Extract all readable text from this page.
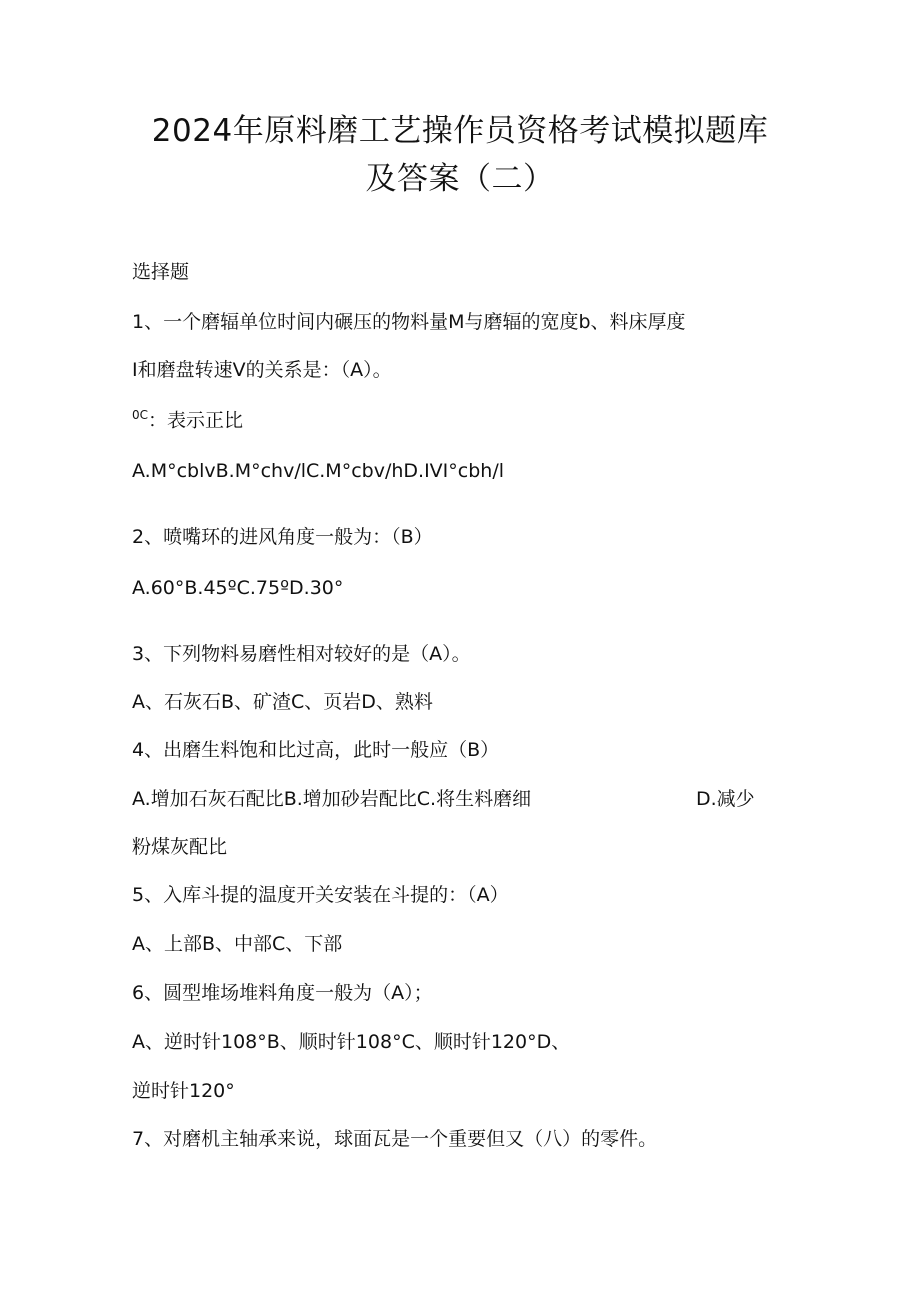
2024年原料磨工艺操作员资格考试模拟题库
及答案（二）
选择题
1、一个磨辐单位时间内碾压的物料量M与磨辐的宽度b、料床厚度
I和磨盘转速V的关系是：（A）。
$^{0C}$：表示正比
A.M°cblvB.M°chv/lC.M°cbv/hD.IVI°cbh/l
2、喷嘴环的进风角度一般为：（B）
A.60°B.45ºC.75ºD.30°
3、下列物料易磨性相对较好的是（A）。
A、石灰石B、矿渣C、页岩D、熟料
4、出磨生料饱和比过高，此时一般应（B）
A.增加石灰石配比B.增加砂岩配比C.将生料磨细	D.减少
粉煤灰配比
5、入库斗提的温度开关安装在斗提的：（A）
A、上部B、中部C、下部
6、圆型堆场堆料角度一般为（A）；
A、逆时针108°B、顺时针108°C、顺时针120°D、
逆时针120°
7、对磨机主轴承来说，球面瓦是一个重要但又（八）的零件。
